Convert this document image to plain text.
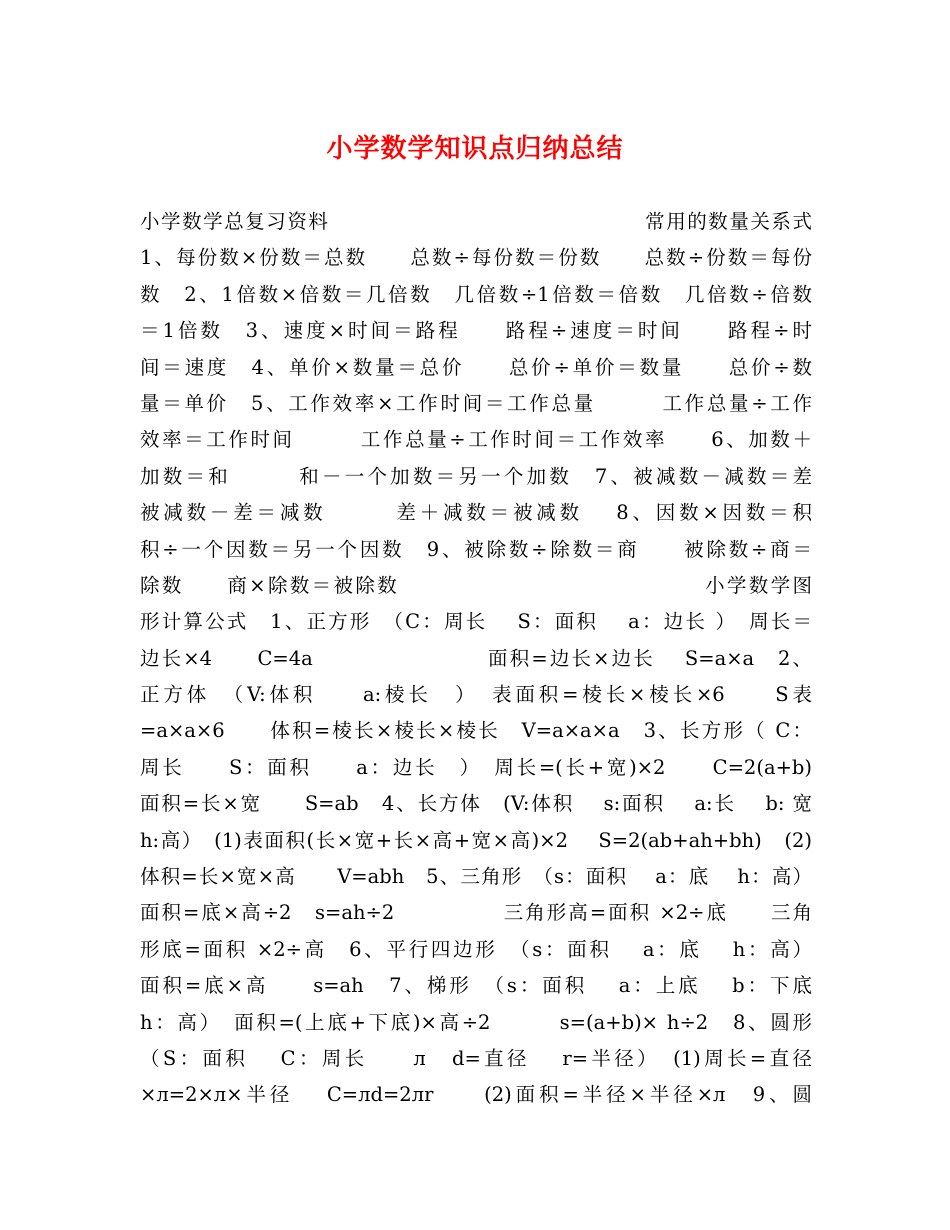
小学数学知识点归纳总结
小学数学总复习资料　　　　　　　　　　　　　　　常用的数量关系式
1、每份数×份数＝总数　　总数÷每份数＝份数　　总数÷份数＝每份
数　2、1倍数×倍数＝几倍数　几倍数÷1倍数＝倍数　几倍数÷倍数
＝1倍数　3、速度×时间＝路程　　路程÷速度＝时间　　路程÷时
间＝速度　4、单价×数量＝总价　　总价÷单价＝数量　　总价÷数
量＝单价　5、工作效率×工作时间＝工作总量　　　工作总量÷工作
效率＝工作时间　　　工作总量÷工作时间＝工作效率　　6、加数＋
加数＝和　　　和－一个加数＝另一个加数　7、被减数－减数＝差
被减数－差＝减数　　　差＋减数＝被减数　 8、因数×因数＝积
积÷一个因数＝另一个因数　9、被除数÷除数＝商　　被除数÷商＝
除数　　商×除数＝被除数　　　　　　　　　　　　　　小学数学图
形计算公式　1、正方形　（C：周长　 S：面积　 a：边长 ）　周长＝
边长×4　　C=4a　　　　　　　　面积=边长×边长　 S=a×a　2、
正方体　（V:体积　　a:棱长　）　表面积=棱长×棱长×6　　S表
=a×a×6　　体积=棱长×棱长×棱长　V=a×a×a　3、长方形（ C：
周长　　S：面积　　a：边长　）　周长=(长+宽)×2　　C=2(a+b)
面积=长×宽　　S=ab　4、长方体　(V:体积　 s:面积　 a:长　 b: 宽
h:高）　(1)表面积(长×宽+长×高+宽×高)×2　 S=2(ab+ah+bh)　(2)
体积=长×宽×高　　V=abh　5、三角形　（s：面积　 a：底　 h：高）
面积=底×高÷2　s=ah÷2　　　　　三角形高=面积 ×2÷底　　三角
形底=面积 ×2÷高　6、平行四边形　（s：面积　 a：底　 h：高）
面积=底×高　　s=ah　7、梯形　（s：面积　 a：上底　 b：下底
h：高）　面积=(上底+下底)×高÷2　　　s=(a+b)× h÷2　8、圆形
（S：面积　 C：周长　　л　d=直径　 r=半径）　(1)周长=直径
×л=2×л×半径　 C=лd=2лr　　(2)面积=半径×半径×л　9、圆
